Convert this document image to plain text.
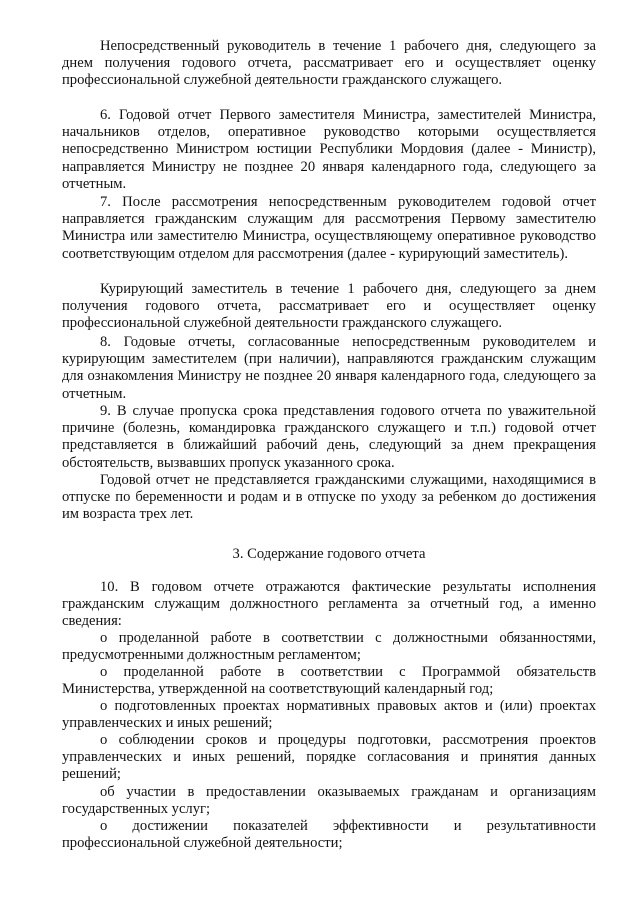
Непосредственный руководитель в течение 1 рабочего дня, следующего за днем получения годового отчета, рассматривает его и осуществляет оценку профессиональной служебной деятельности гражданского служащего.

6. Годовой отчет Первого заместителя Министра, заместителей Министра, начальников отделов, оперативное руководство которыми осуществляется непосредственно Министром юстиции Республики Мордовия (далее - Министр), направляется Министру не позднее 20 января календарного года, следующего за отчетным.

7. После рассмотрения непосредственным руководителем годовой отчет направляется гражданским служащим для рассмотрения Первому заместителю Министра или заместителю Министра, осуществляющему оперативное руководство соответствующим отделом для рассмотрения (далее - курирующий заместитель).

Курирующий заместитель в течение 1 рабочего дня, следующего за днем получения годового отчета, рассматривает его и осуществляет оценку профессиональной служебной деятельности гражданского служащего.

8. Годовые отчеты, согласованные непосредственным руководителем и курирующим заместителем (при наличии), направляются гражданским служащим для ознакомления Министру не позднее 20 января календарного года, следующего за отчетным.

9. В случае пропуска срока представления годового отчета по уважительной причине (болезнь, командировка гражданского служащего и т.п.) годовой отчет представляется в ближайший рабочий день, следующий за днем прекращения обстоятельств, вызвавших пропуск указанного срока.

Годовой отчет не представляется гражданскими служащими, находящимися в отпуске по беременности и родам и в отпуске по уходу за ребенком до достижения им возраста трех лет.

3. Содержание годового отчета

10. В годовом отчете отражаются фактические результаты исполнения гражданским служащим должностного регламента за отчетный год, а именно сведения:

о проделанной работе в соответствии с должностными обязанностями, предусмотренными должностным регламентом;

о проделанной работе в соответствии с Программой обязательств Министерства, утвержденной на соответствующий календарный год;

о подготовленных проектах нормативных правовых актов и (или) проектах управленческих и иных решений;

о соблюдении сроков и процедуры подготовки, рассмотрения проектов управленческих и иных решений, порядке согласования и принятия данных решений;

об участии в предоставлении оказываемых гражданам и организациям государственных услуг;

о достижении показателей эффективности и результативности профессиональной служебной деятельности;
